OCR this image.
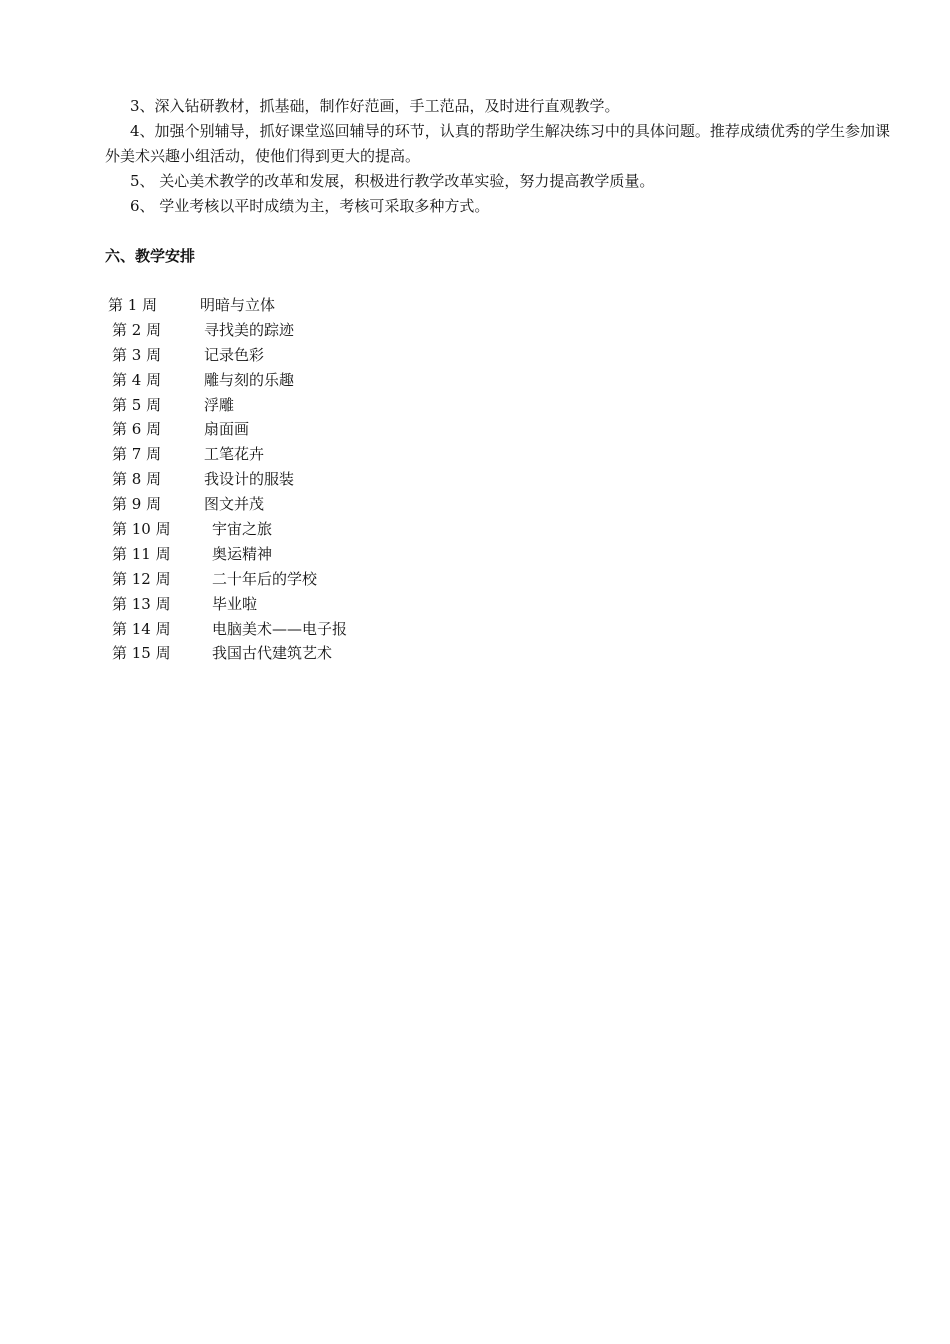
3、深入钻研教材，抓基础，制作好范画，手工范品，及时进行直观教学。

4、加强个别辅导，抓好课堂巡回辅导的环节，认真的帮助学生解决练习中的具体问题。推荐成绩优秀的学生参加课外美术兴趣小组活动，使他们得到更大的提高。

5、 关心美术教学的改革和发展，积极进行教学改革实验，努力提高教学质量。

6、 学业考核以平时成绩为主，考核可采取多种方式。

六、教学安排
第 1 周	明暗与立体
第 2 周	寻找美的踪迹
第 3 周	记录色彩
第 4 周	雕与刻的乐趣
第 5 周	浮雕
第 6 周	扇面画
第 7 周	工笔花卉
第 8 周	我设计的服装
第 9 周	图文并茂
第 10 周	宇宙之旅
第 11 周	奥运精神
第 12 周	二十年后的学校
第 13 周	毕业啦
第 14 周	电脑美术——电子报
第 15 周	我国古代建筑艺术
